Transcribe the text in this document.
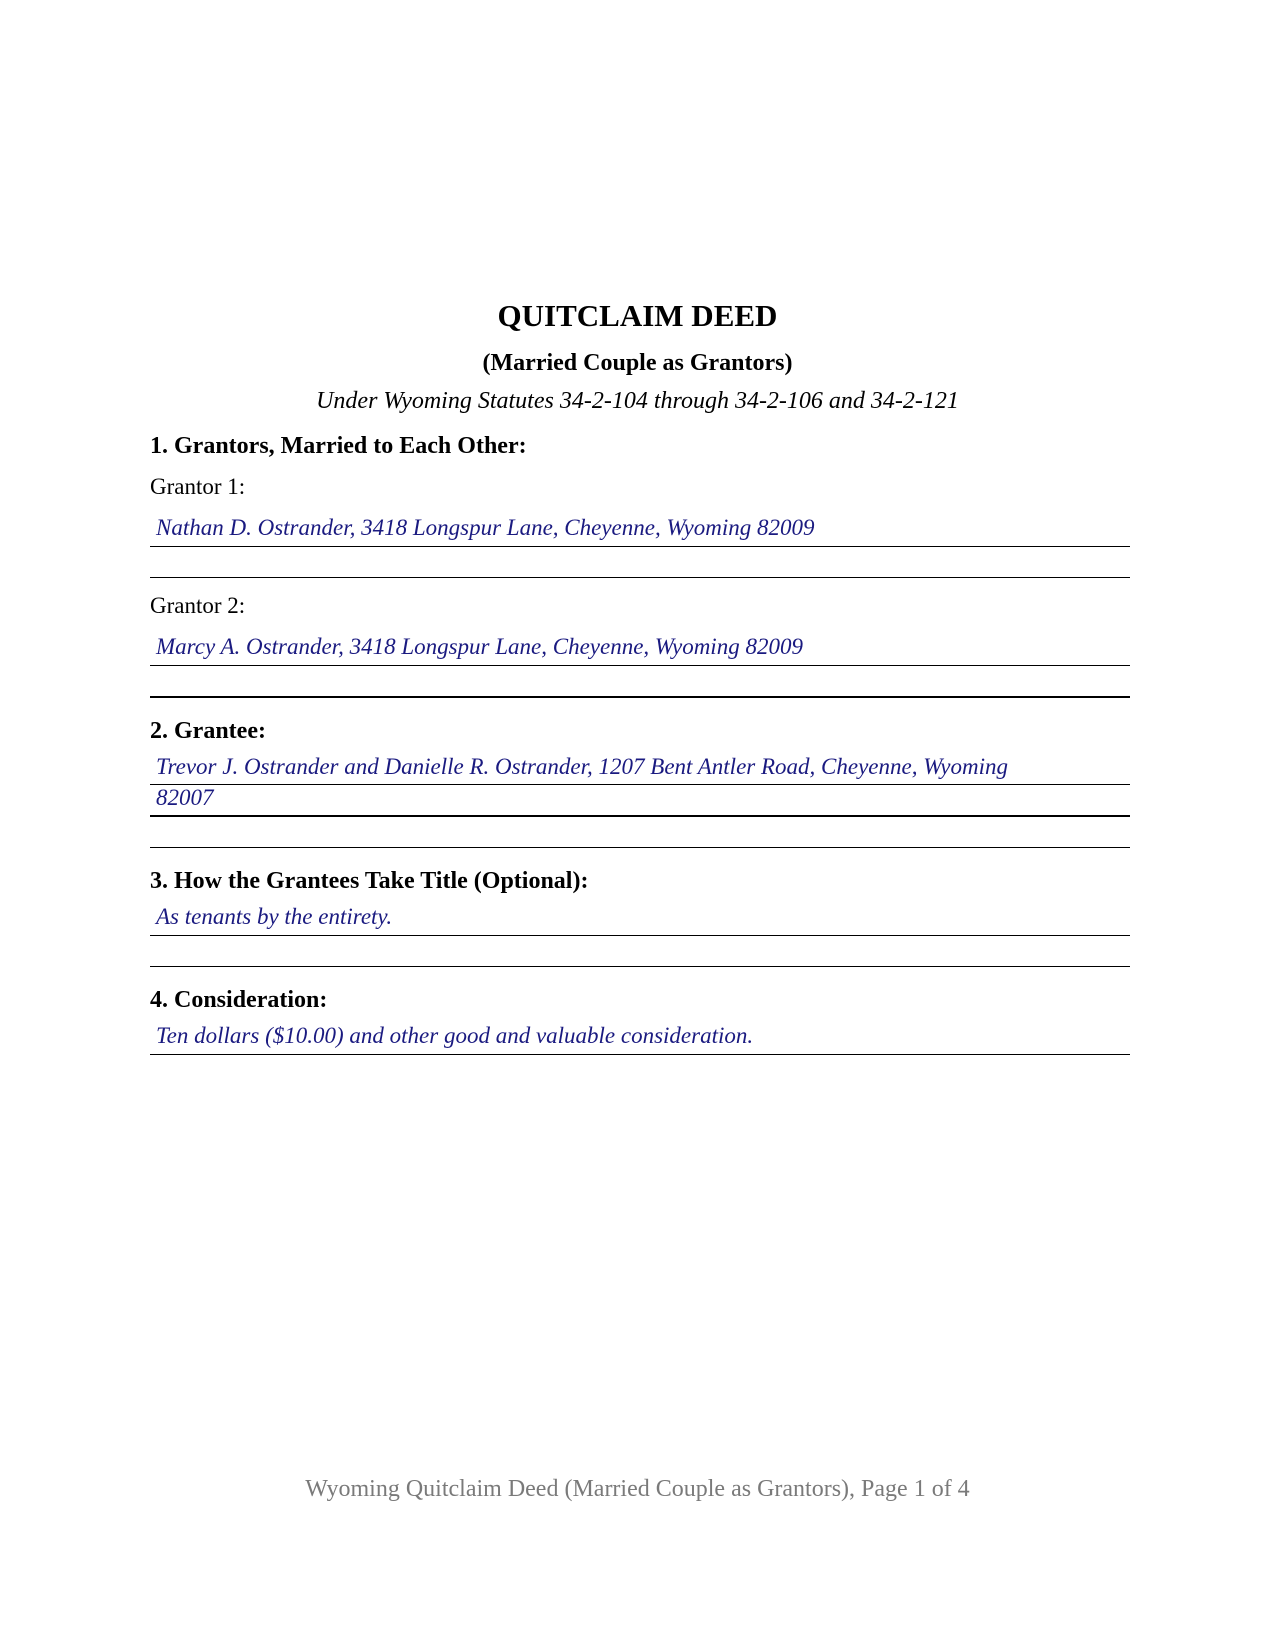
QUITCLAIM DEED
(Married Couple as Grantors)
Under Wyoming Statutes 34-2-104 through 34-2-106 and 34-2-121
1. Grantors, Married to Each Other:
Grantor 1:
Nathan D. Ostrander, 3418 Longspur Lane, Cheyenne, Wyoming 82009
Grantor 2:
Marcy A. Ostrander, 3418 Longspur Lane, Cheyenne, Wyoming 82009
2. Grantee:
Trevor J. Ostrander and Danielle R. Ostrander, 1207 Bent Antler Road, Cheyenne, Wyoming
82007
3. How the Grantees Take Title (Optional):
As tenants by the entirety.
4. Consideration:
Ten dollars ($10.00) and other good and valuable consideration.
Wyoming Quitclaim Deed (Married Couple as Grantors), Page 1 of 4
